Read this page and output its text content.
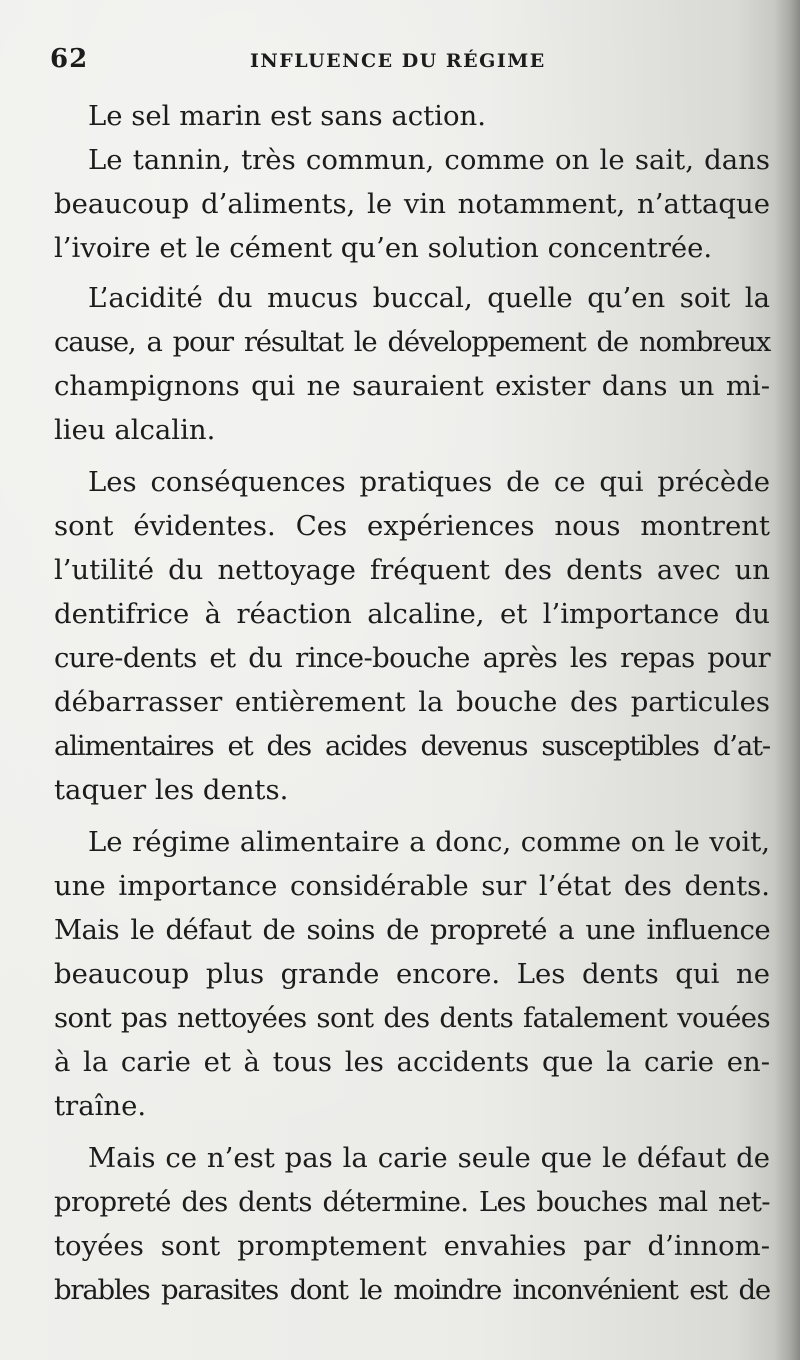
62	INFLUENCE DU RÉGIME
Le sel marin est sans action.
Le tannin, très commun, comme on le sait, dans
beaucoup d’aliments, le vin notamment, n’attaque
l’ivoire et le cément qu’en solution concentrée.
L’acidité du mucus buccal, quelle qu’en soit la
cause, a pour résultat le développement de nombreux
champignons qui ne sauraient exister dans un mi-
lieu alcalin.
Les conséquences pratiques de ce qui précède
sont évidentes. Ces expériences nous montrent
l’utilité du nettoyage fréquent des dents avec un
dentifrice à réaction alcaline, et l’importance du
cure-dents et du rince-bouche après les repas pour
débarrasser entièrement la bouche des particules
alimentaires et des acides devenus susceptibles d’at-
taquer les dents.
Le régime alimentaire a donc, comme on le voit,
une importance considérable sur l’état des dents.
Mais le défaut de soins de propreté a une influence
beaucoup plus grande encore. Les dents qui ne
sont pas nettoyées sont des dents fatalement vouées
à la carie et à tous les accidents que la carie en-
traîne.
Mais ce n’est pas la carie seule que le défaut de
propreté des dents détermine. Les bouches mal net-
toyées sont promptement envahies par d’innom-
brables parasites dont le moindre inconvénient est de
